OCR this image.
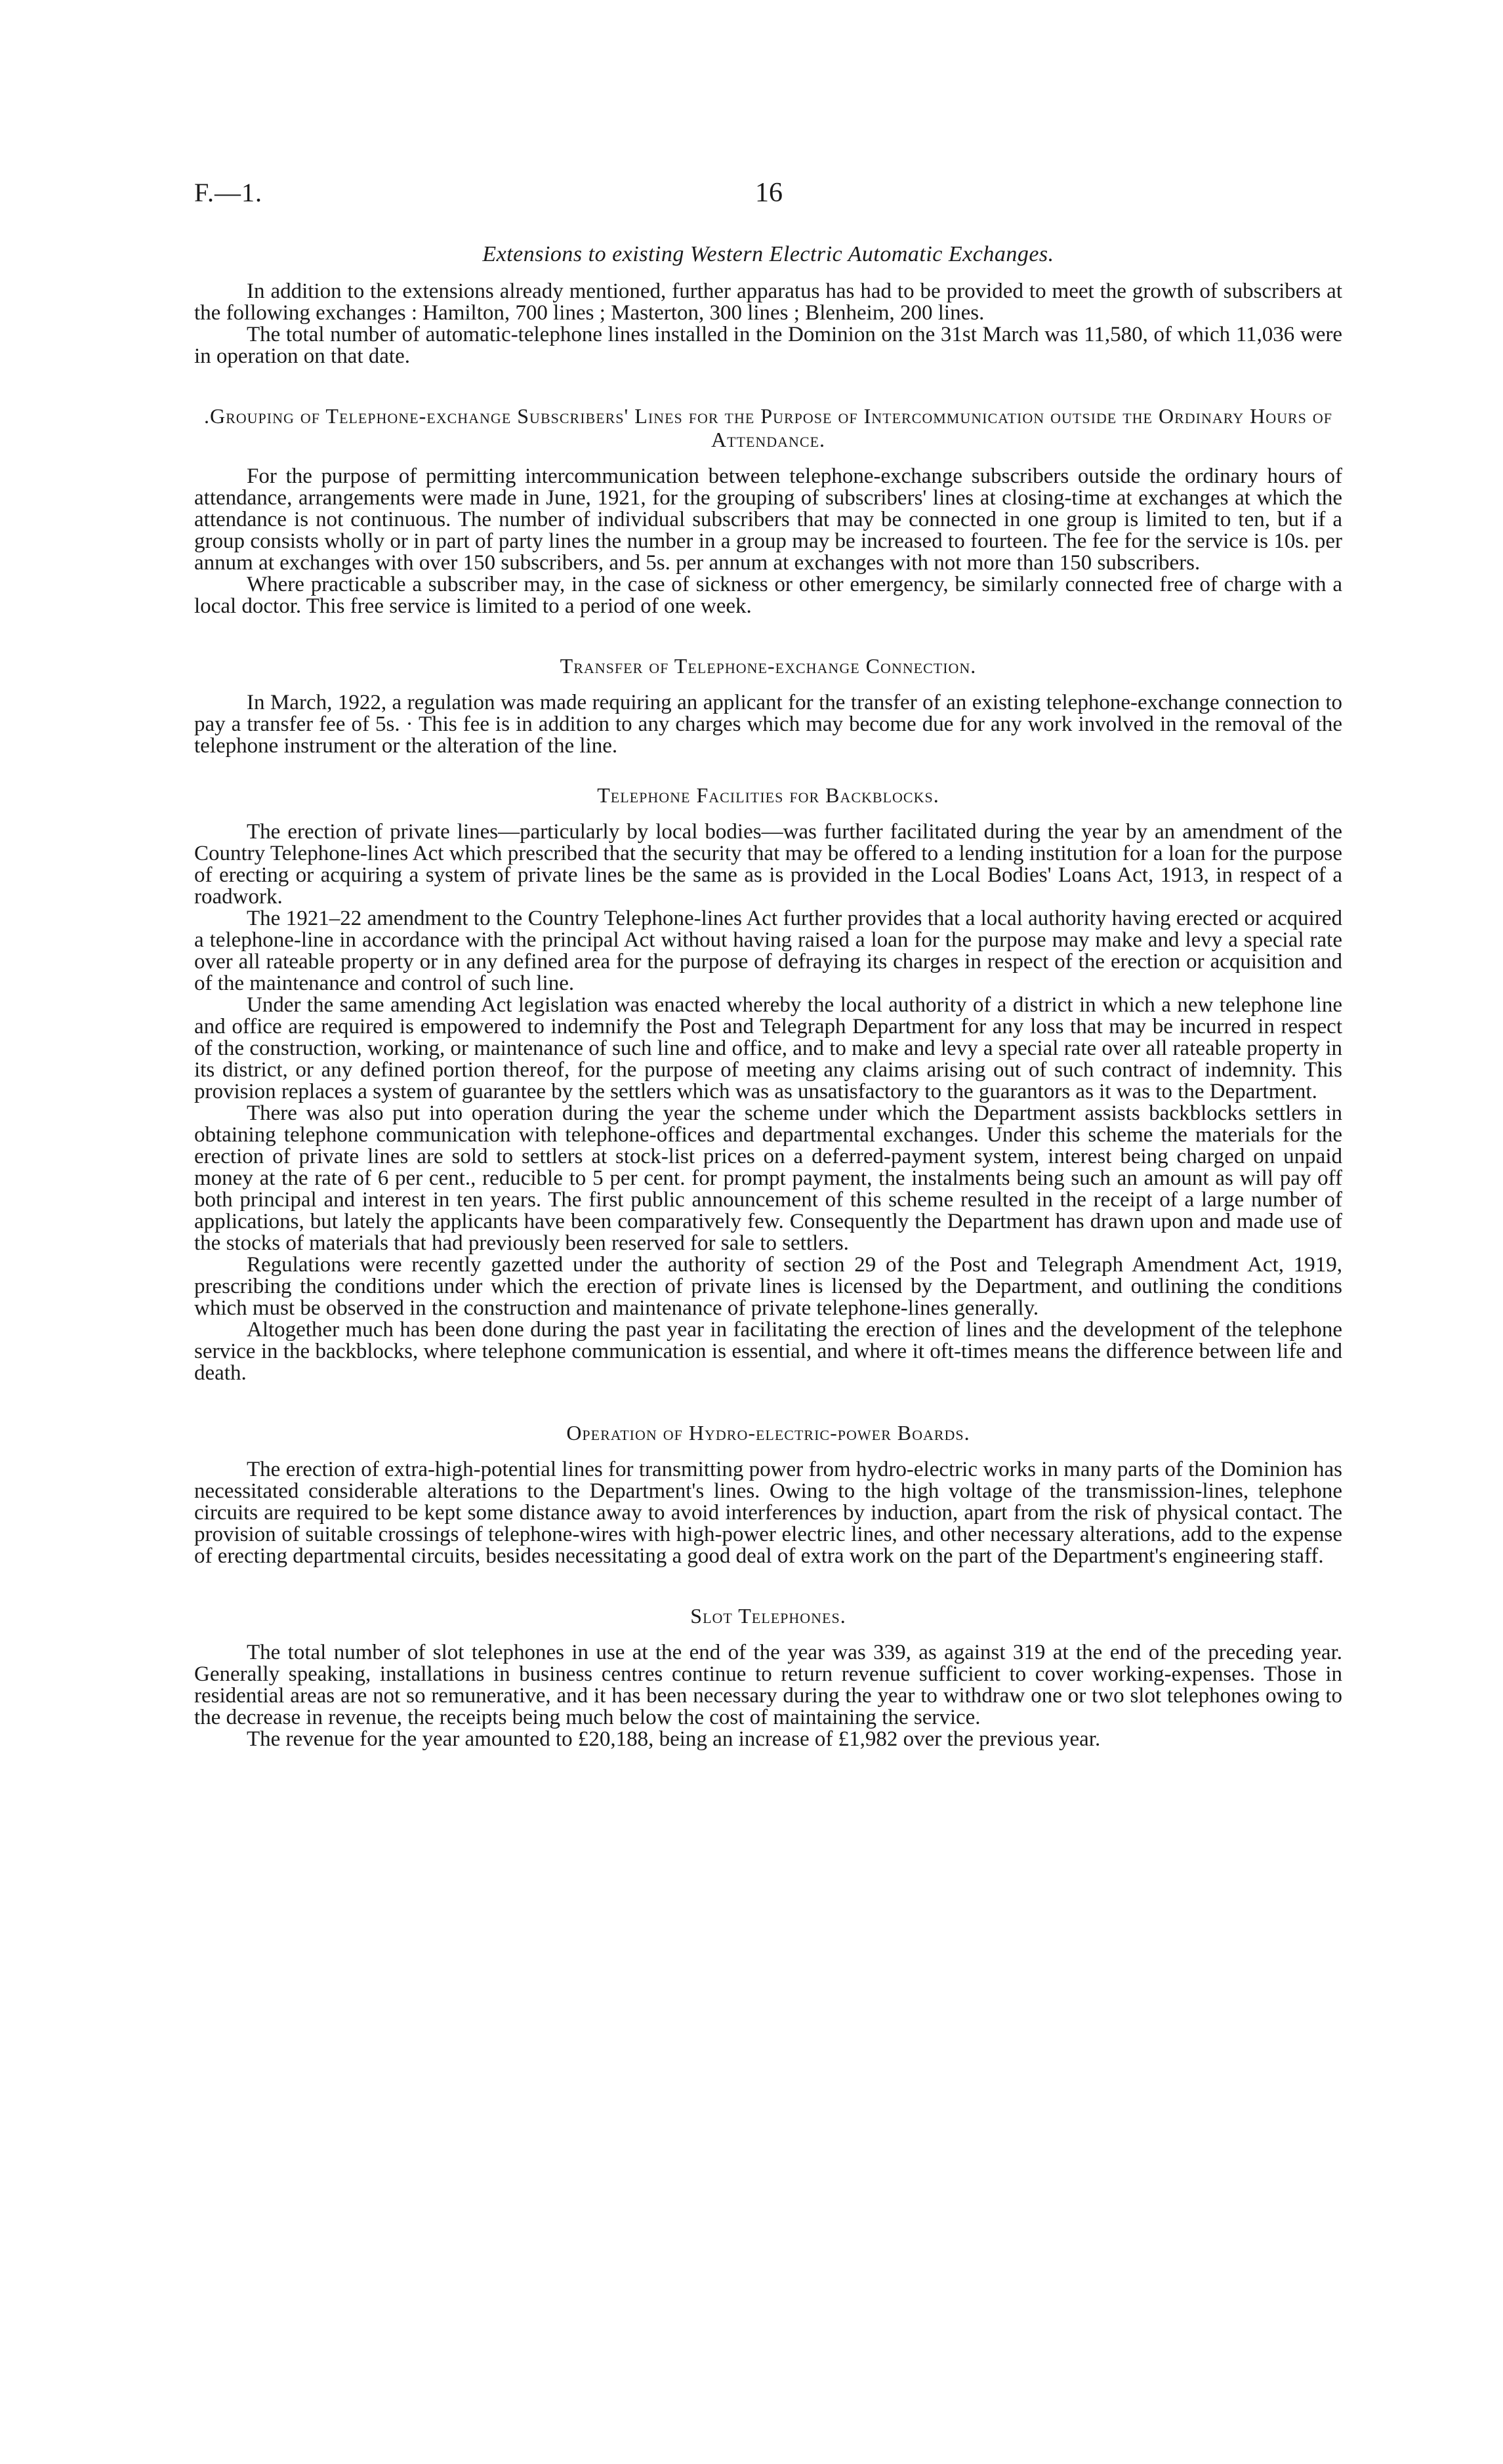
F.—1.	16
Extensions to existing Western Electric Automatic Exchanges.

In addition to the extensions already mentioned, further apparatus has had to be provided to meet the growth of subscribers at the following exchanges : Hamilton, 700 lines ; Masterton, 300 lines ; Blenheim, 200 lines.

The total number of automatic-telephone lines installed in the Dominion on the 31st March was 11,580, of which 11,036 were in operation on that date.

.Grouping of Telephone-exchange Subscribers' Lines for the Purpose of Intercommunication outside the Ordinary Hours of Attendance.

For the purpose of permitting intercommunication between telephone-exchange subscribers outside the ordinary hours of attendance, arrangements were made in June, 1921, for the grouping of subscribers' lines at closing-time at exchanges at which the attendance is not continuous. The number of individual subscribers that may be connected in one group is limited to ten, but if a group consists wholly or in part of party lines the number in a group may be increased to fourteen. The fee for the service is 10s. per annum at exchanges with over 150 subscribers, and 5s. per annum at exchanges with not more than 150 subscribers.

Where practicable a subscriber may, in the case of sickness or other emergency, be similarly connected free of charge with a local doctor. This free service is limited to a period of one week.

Transfer of Telephone-exchange Connection.

In March, 1922, a regulation was made requiring an applicant for the transfer of an existing telephone-exchange connection to pay a transfer fee of 5s. · This fee is in addition to any charges which may become due for any work involved in the removal of the telephone instrument or the alteration of the line.

Telephone Facilities for Backblocks.

The erection of private lines—particularly by local bodies—was further facilitated during the year by an amendment of the Country Telephone-lines Act which prescribed that the security that may be offered to a lending institution for a loan for the purpose of erecting or acquiring a system of private lines be the same as is provided in the Local Bodies' Loans Act, 1913, in respect of a roadwork.

The 1921–22 amendment to the Country Telephone-lines Act further provides that a local authority having erected or acquired a telephone-line in accordance with the principal Act without having raised a loan for the purpose may make and levy a special rate over all rateable property or in any defined area for the purpose of defraying its charges in respect of the erection or acquisition and of the maintenance and control of such line.

Under the same amending Act legislation was enacted whereby the local authority of a district in which a new telephone line and office are required is empowered to indemnify the Post and Telegraph Department for any loss that may be incurred in respect of the construction, working, or maintenance of such line and office, and to make and levy a special rate over all rateable property in its district, or any defined portion thereof, for the purpose of meeting any claims arising out of such contract of indemnity. This provision replaces a system of guarantee by the settlers which was as unsatisfactory to the guarantors as it was to the Department.

There was also put into operation during the year the scheme under which the Department assists backblocks settlers in obtaining telephone communication with telephone-offices and departmental exchanges. Under this scheme the materials for the erection of private lines are sold to settlers at stock-list prices on a deferred-payment system, interest being charged on unpaid money at the rate of 6 per cent., reducible to 5 per cent. for prompt payment, the instalments being such an amount as will pay off both principal and interest in ten years. The first public announcement of this scheme resulted in the receipt of a large number of applications, but lately the applicants have been comparatively few. Consequently the Department has drawn upon and made use of the stocks of materials that had previously been reserved for sale to settlers.

Regulations were recently gazetted under the authority of section 29 of the Post and Telegraph Amendment Act, 1919, prescribing the conditions under which the erection of private lines is licensed by the Department, and outlining the conditions which must be observed in the construction and maintenance of private telephone-lines generally.

Altogether much has been done during the past year in facilitating the erection of lines and the development of the telephone service in the backblocks, where telephone communication is essential, and where it oft-times means the difference between life and death.

Operation of Hydro-electric-power Boards.

The erection of extra-high-potential lines for transmitting power from hydro-electric works in many parts of the Dominion has necessitated considerable alterations to the Department's lines. Owing to the high voltage of the transmission-lines, telephone circuits are required to be kept some distance away to avoid interferences by induction, apart from the risk of physical contact. The provision of suitable crossings of telephone-wires with high-power electric lines, and other necessary alterations, add to the expense of erecting departmental circuits, besides necessitating a good deal of extra work on the part of the Department's engineering staff.

Slot Telephones.

The total number of slot telephones in use at the end of the year was 339, as against 319 at the end of the preceding year. Generally speaking, installations in business centres continue to return revenue sufficient to cover working-expenses. Those in residential areas are not so remunerative, and it has been necessary during the year to withdraw one or two slot telephones owing to the decrease in revenue, the receipts being much below the cost of maintaining the service.

The revenue for the year amounted to £20,188, being an increase of £1,982 over the previous year.
